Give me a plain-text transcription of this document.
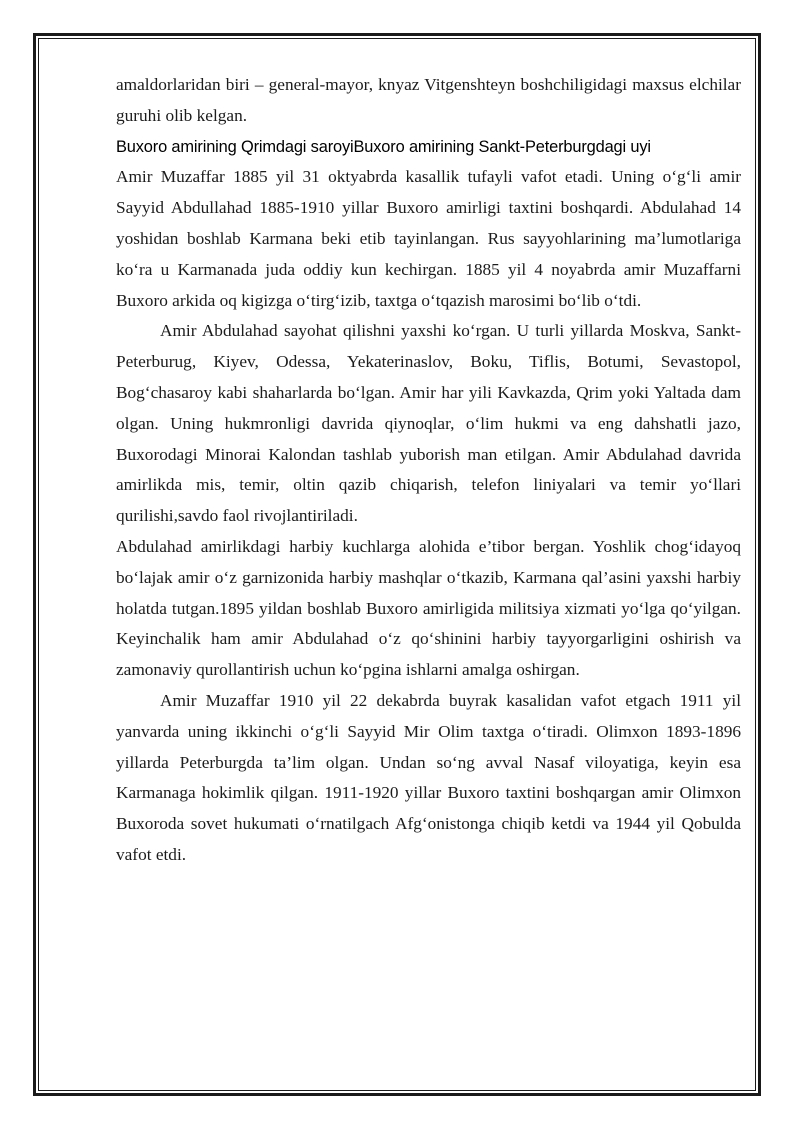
amaldorlaridan biri – general-mayor, knyaz Vitgenshteyn boshchiligidagi maxsus elchilar guruhi olib kelgan.

Buxoro amirining Qrimdagi saroyiBuxoro amirining Sankt-Peterburgdagi uyi

Amir Muzaffar 1885 yil 31 oktyabrda kasallik tufayli vafot etadi. Uning o‘g‘li amir Sayyid Abdullahad 1885-1910 yillar Buxoro amirligi taxtini boshqardi. Abdulahad 14 yoshidan boshlab Karmana beki etib tayinlangan. Rus sayyohlarining ma’lumotlariga ko‘ra u Karmanada juda oddiy kun kechirgan. 1885 yil 4 noyabrda amir Muzaffarni Buxoro arkida oq kigizga o‘tirg‘izib, taxtga o‘tqazish marosimi bo‘lib o‘tdi.

Amir Abdulahad sayohat qilishni yaxshi ko‘rgan. U turli yillarda Moskva, Sankt-Peterburug, Kiyev, Odessa, Yekaterinaslov, Boku, Tiflis, Botumi, Sevastopol, Bog‘chasaroy kabi shaharlarda bo‘lgan. Amir har yili Kavkazda, Qrim yoki Yaltada dam olgan. Uning hukmronligi davrida qiynoqlar, o‘lim hukmi va eng dahshatli jazo, Buxorodagi Minorai Kalondan tashlab yuborish man etilgan. Amir Abdulahad davrida amirlikda mis, temir, oltin qazib chiqarish, telefon liniyalari va temir yo‘llari qurilishi,savdo faol rivojlantiriladi.

Abdulahad amirlikdagi harbiy kuchlarga alohida e’tibor bergan. Yoshlik chog‘idayoq bo‘lajak amir o‘z garnizonida harbiy mashqlar o‘tkazib, Karmana qal’asini yaxshi harbiy holatda tutgan.1895 yildan boshlab Buxoro amirligida militsiya xizmati yo‘lga qo‘yilgan. Keyinchalik ham amir Abdulahad o‘z qo‘shinini harbiy tayyorgarligini oshirish va zamonaviy qurollantirish uchun ko‘pgina ishlarni amalga oshirgan.

Amir Muzaffar 1910 yil 22 dekabrda buyrak kasalidan vafot etgach 1911 yil yanvarda uning ikkinchi o‘g‘li Sayyid Mir Olim taxtga o‘tiradi. Olimxon 1893-1896 yillarda Peterburgda ta’lim olgan. Undan so‘ng avval Nasaf viloyatiga, keyin esa Karmanaga hokimlik qilgan. 1911-1920 yillar Buxoro taxtini boshqargan amir Olimxon Buxoroda sovet hukumati o‘rnatilgach Afg‘onistonga chiqib ketdi va 1944 yil Qobulda vafot etdi.
